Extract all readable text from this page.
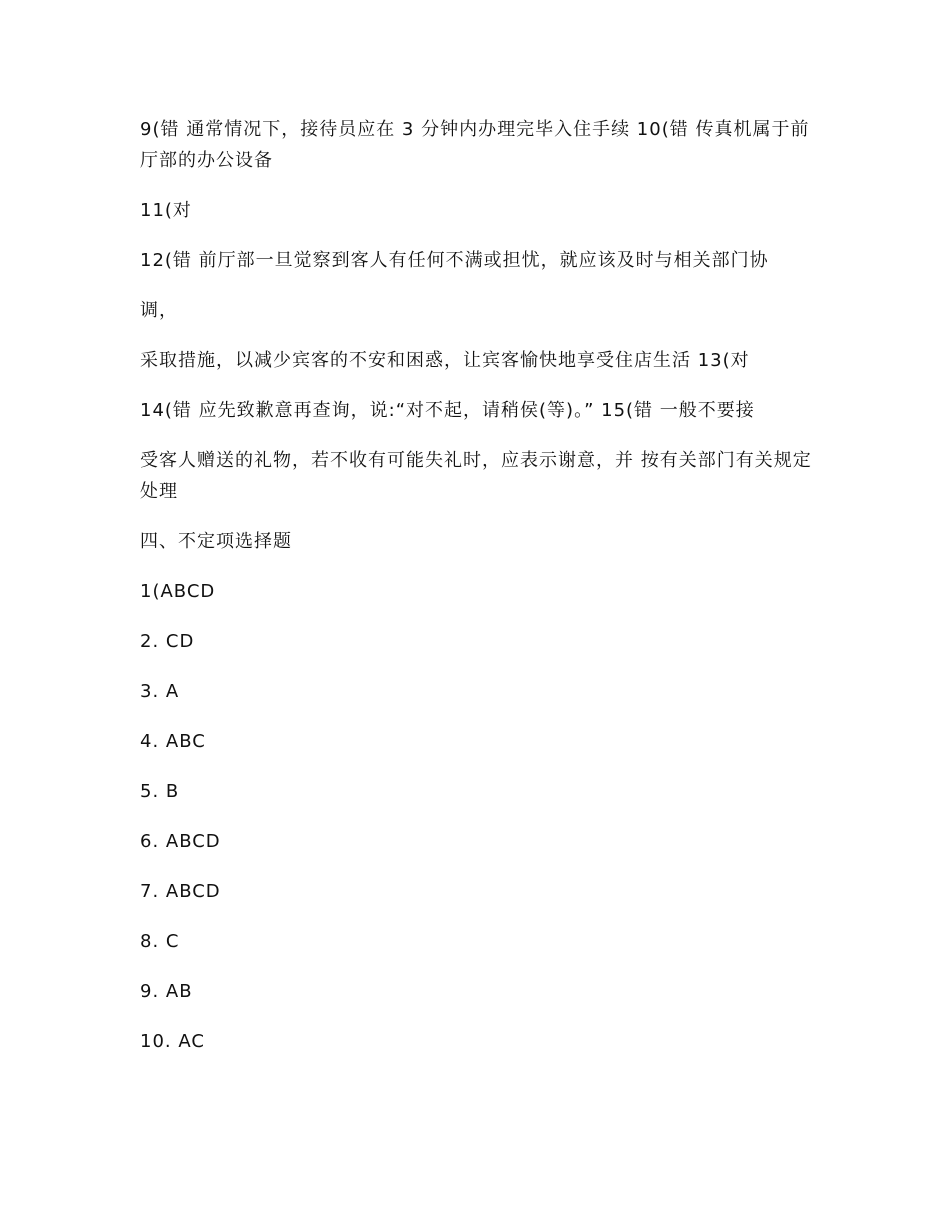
9(错 通常情况下，接待员应在 3 分钟内办理完毕入住手续 10(错 传真机属于前厅部的办公设备

11(对

12(错 前厅部一旦觉察到客人有任何不满或担忧，就应该及时与相关部门协

调，

采取措施，以减少宾客的不安和困惑，让宾客愉快地享受住店生活 13(对

14(错 应先致歉意再查询，说:“对不起，请稍侯(等)。” 15(错 一般不要接

受客人赠送的礼物，若不收有可能失礼时，应表示谢意，并 按有关部门有关规定处理

四、不定项选择题

1(ABCD

2. CD

3. A

4. ABC

5. B

6. ABCD

7. ABCD

8. C

9. AB

10. AC
